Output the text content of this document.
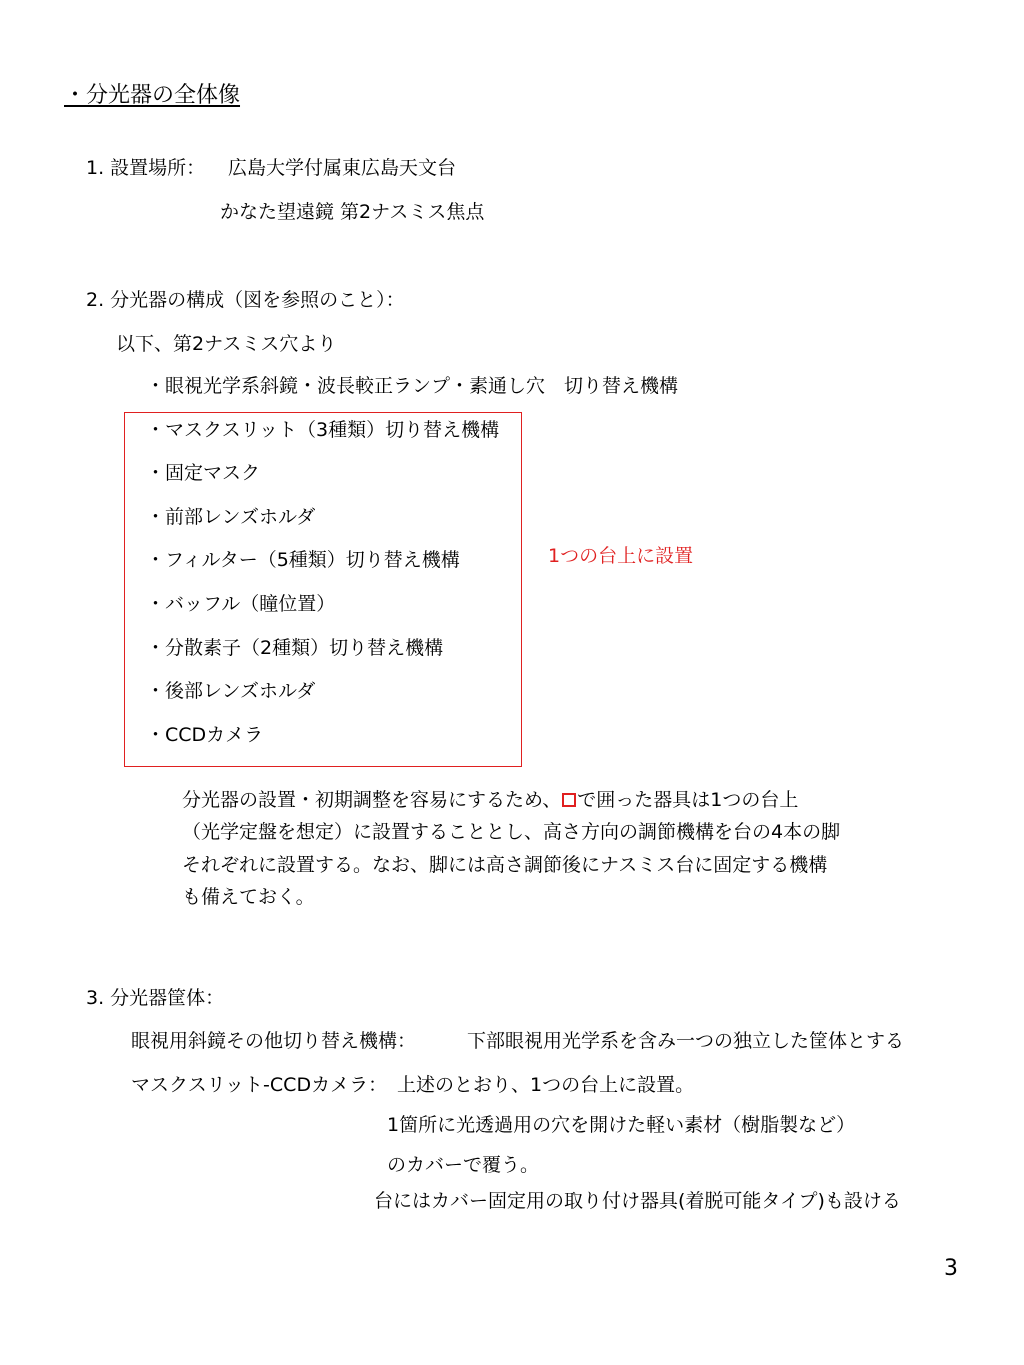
・分光器の全体像
1. 設置場所： 広島大学付属東広島天文台
かなた望遠鏡 第2ナスミス焦点
2. 分光器の構成（図を参照のこと）：
以下、第2ナスミス穴より
・眼視光学系斜鏡・波長較正ランプ・素通し穴　切り替え機構
・マスクスリット（3種類）切り替え機構
・固定マスク
・前部レンズホルダ
・フィルター（5種類）切り替え機構
・バッフル（瞳位置）
・分散素子（2種類）切り替え機構
・後部レンズホルダ
・CCDカメラ
1つの台上に設置
分光器の設置・初期調整を容易にするため、 で囲った器具は1つの台上
（光学定盤を想定）に設置することとし、高さ方向の調節機構を台の4本の脚
それぞれに設置する。なお、脚には高さ調節後にナスミス台に固定する機構
も備えておく。
3. 分光器筐体：
眼視用斜鏡その他切り替え機構：	下部眼視用光学系を含み一つの独立した筐体とする
マスクスリット-CCDカメラ： 上述のとおり、1つの台上に設置。
1箇所に光透過用の穴を開けた軽い素材（樹脂製など）
のカバーで覆う。
台にはカバー固定用の取り付け器具(着脱可能タイプ)も設ける
3
